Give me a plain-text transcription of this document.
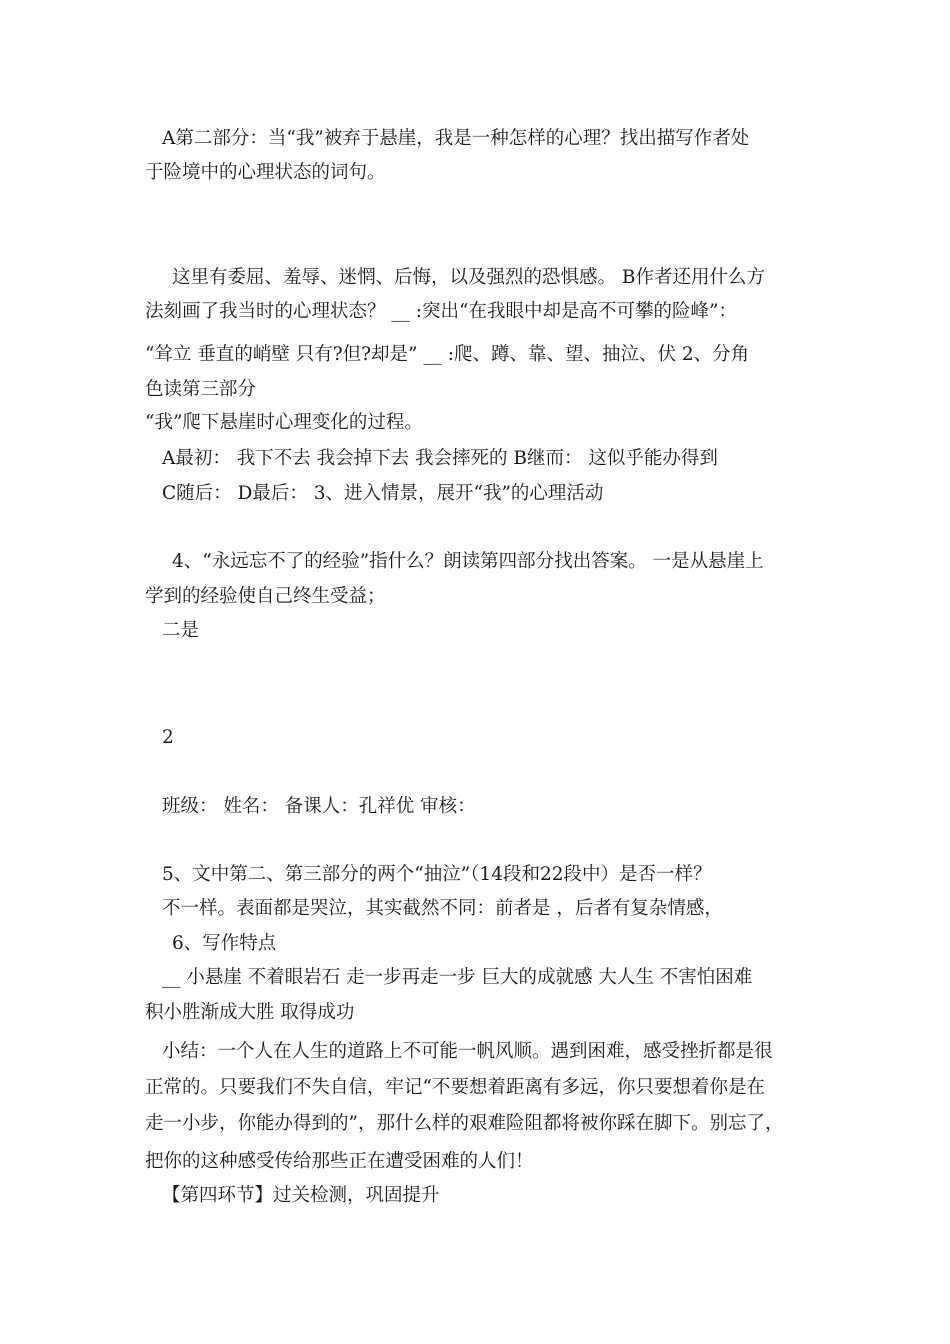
A第二部分：当“我”被弃于悬崖，我是一种怎样的心理？找出描写作者处
于险境中的心理状态的词句。
这里有委屈、羞辱、迷惘、后悔，以及强烈的恐惧感。 B作者还用什么方
法刻画了我当时的心理状态？ __ :突出“在我眼中却是高不可攀的险峰”：
“耸立 垂直的峭壁 只有?但?却是” __ :爬、蹲、靠、望、抽泣、伏 2、分角
色读第三部分
“我”爬下悬崖时心理变化的过程。
A最初： 我下不去 我会掉下去 我会摔死的 B继而： 这似乎能办得到
C随后： D最后： 3、进入情景，展开“我”的心理活动
4、“永远忘不了的经验”指什么？朗读第四部分找出答案。 一是从悬崖上
学到的经验使自己终生受益；
二是
2
班级： 姓名： 备课人：孔祥优 审核：
5、文中第二、第三部分的两个“抽泣”（14段和22段中）是否一样？
不一样。表面都是哭泣，其实截然不同：前者是 ，后者有复杂情感，
6、写作特点
__ 小悬崖 不着眼岩石 走一步再走一步 巨大的成就感 大人生 不害怕困难
积小胜渐成大胜 取得成功
小结：一个人在人生的道路上不可能一帆风顺。遇到困难，感受挫折都是很
正常的。只要我们不失自信，牢记“不要想着距离有多远，你只要想着你是在
走一小步，你能办得到的”，那什么样的艰难险阻都将被你踩在脚下。别忘了，
把你的这种感受传给那些正在遭受困难的人们！
【第四环节】过关检测，巩固提升
